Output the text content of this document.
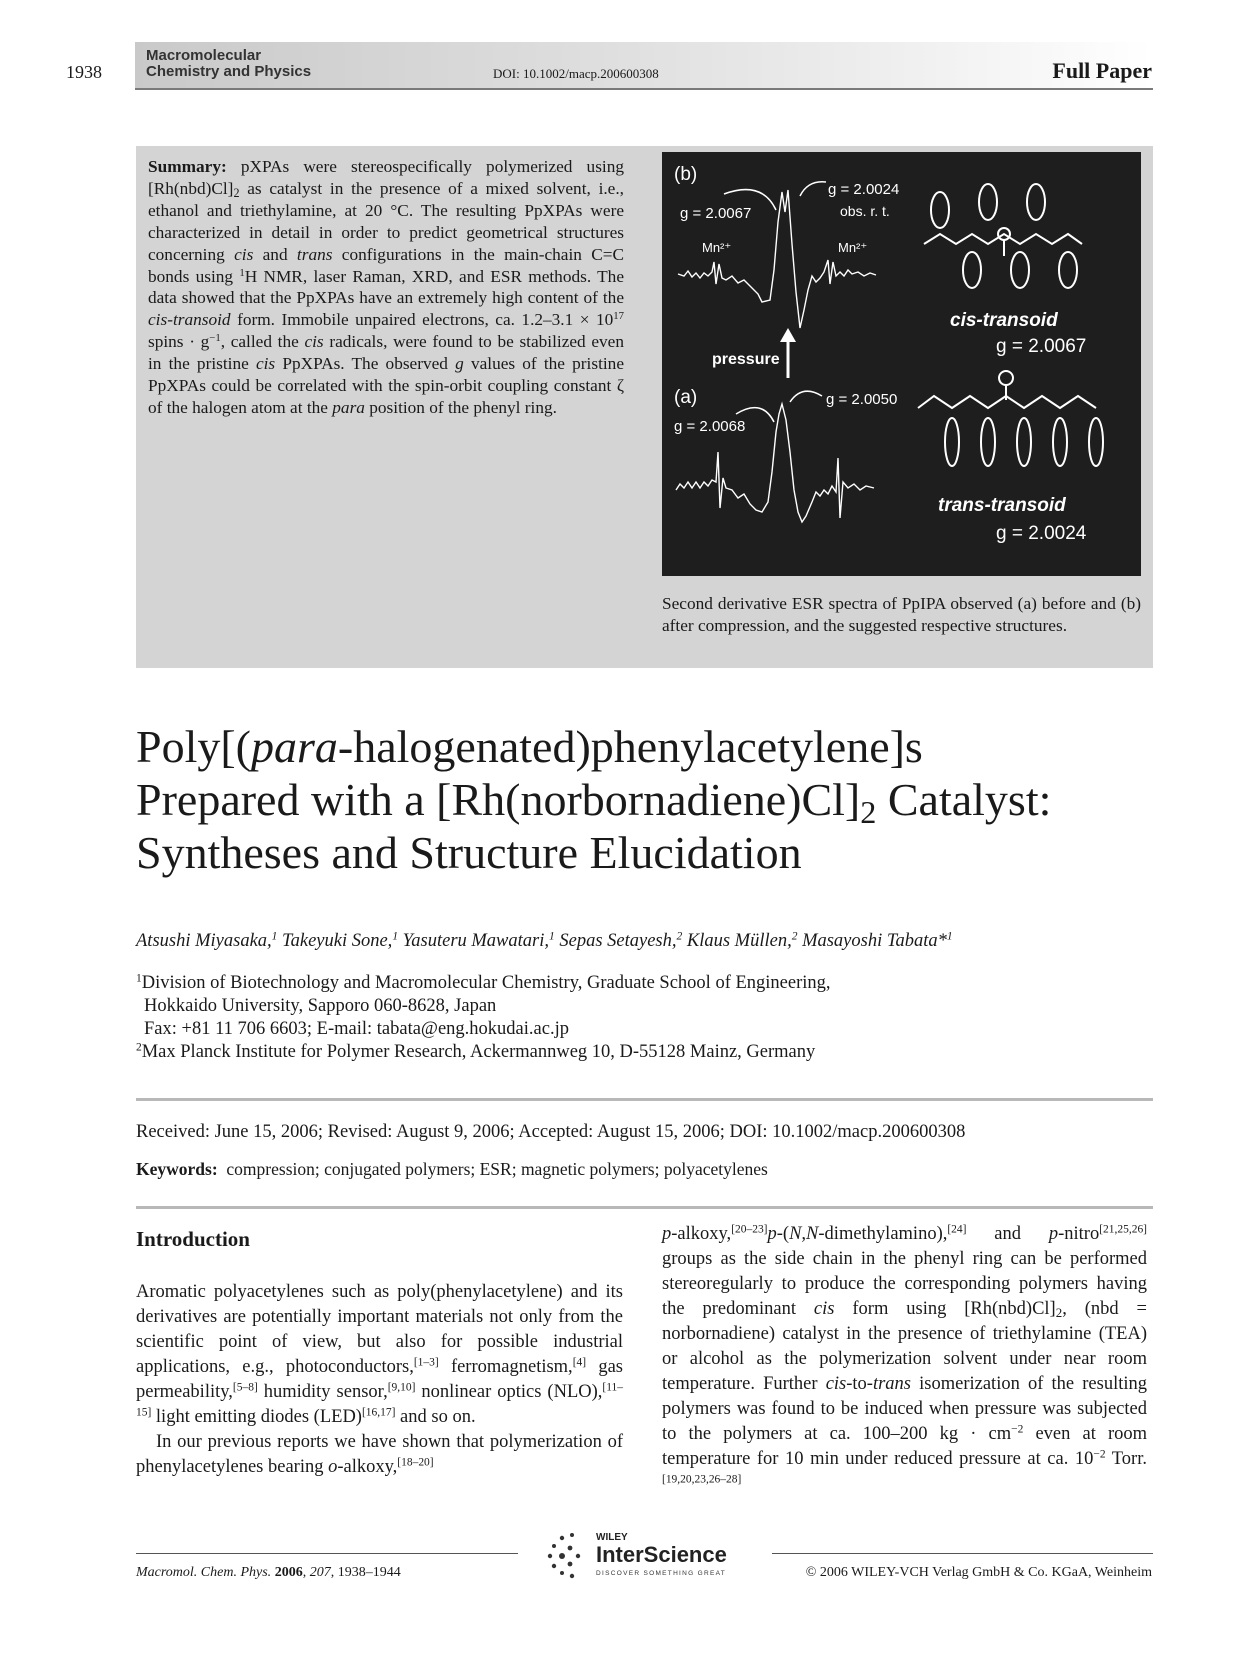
1938
Macromolecular
Chemistry and Physics	DOI: 10.1002/macp.200600308	Full Paper

Summary: pXPAs were stereospecifically polymerized using $[Rh(nbd)Cl]_2$ as catalyst in the presence of a mixed solvent, i.e., ethanol and triethylamine, at 20 °C. The resulting PpXPAs were characterized in detail in order to predict geometrical structures concerning cis and trans configurations in the main-chain C=C bonds using $^1$H NMR, laser Raman, XRD, and ESR methods. The data showed that the PpXPAs have an extremely high content of the cis-transoid form. Immobile unpaired electrons, ca. $1.2-3.1 \times 10^{17}$ spins · $g^{-1}$, called the cis radicals, were found to be stabilized even in the pristine cis PpXPAs. The observed g values of the pristine PpXPAs could be correlated with the spin-orbit coupling constant ζ of the halogen atom at the para position of the phenyl ring.

(b)
g = 2.0067
g = 2.0024
obs. r. t.
Mn²⁺	Mn²⁺
(a)
g = 2.0068
g = 2.0050
pressure
cis-transoid
g = 2.0067
trans-transoid
g = 2.0024

Second derivative ESR spectra of PpIPA observed (a) before and (b) after compression, and the suggested respective structures.

Poly[(para-halogenated)phenylacetylene]s
Prepared with a $[Rh(norbornadiene)Cl]_2$ Catalyst:
Syntheses and Structure Elucidation
Atsushi Miyasaka,$^1$ Takeyuki Sone,$^1$ Yasuteru Mawatari,$^1$ Sepas Setayesh,$^2$ Klaus Müllen,$^2$ Masayoshi Tabata*$^1$
$^1$Division of Biotechnology and Macromolecular Chemistry, Graduate School of Engineering,
Hokkaido University, Sapporo 060-8628, Japan
Fax: +81 11 706 6603; E-mail: tabata@eng.hokudai.ac.jp
$^2$Max Planck Institute for Polymer Research, Ackermannweg 10, D-55128 Mainz, Germany
Received: June 15, 2006; Revised: August 9, 2006; Accepted: August 15, 2006; DOI: 10.1002/macp.200600308
Keywords: compression; conjugated polymers; ESR; magnetic polymers; polyacetylenes
Introduction

Aromatic polyacetylenes such as poly(phenylacetylene) and its derivatives are potentially important materials not only from the scientific point of view, but also for possible industrial applications, e.g., photoconductors,[1–3] ferromagnetism,[4] gas permeability,[5–8] humidity sensor,[9,10] nonlinear optics (NLO),[11–15] light emitting diodes (LED)[16,17] and so on.

In our previous reports we have shown that polymerization of phenylacetylenes bearing o-alkoxy,[18–20]

p-alkoxy,[20–23]p-(N,N-dimethylamino),[24] and p-nitro[21,25,26] groups as the side chain in the phenyl ring can be performed stereoregularly to produce the corresponding polymers having the predominant cis form using $[Rh(nbd)Cl]_2$, (nbd = norbornadiene) catalyst in the presence of triethylamine (TEA) or alcohol as the polymerization solvent under near room temperature. Further cis-to-trans isomerization of the resulting polymers was found to be induced when pressure was subjected to the polymers at ca. 100–200 kg · $cm^{-2}$ even at room temperature for 10 min under reduced pressure at ca. $10^{-2}$ Torr.[19,20,23,26–28]

Macromol. Chem. Phys. 2006, 207, 1938–1944
WILEY
InterScience
DISCOVER SOMETHING GREAT	© 2006 WILEY-VCH Verlag GmbH & Co. KGaA, Weinheim
